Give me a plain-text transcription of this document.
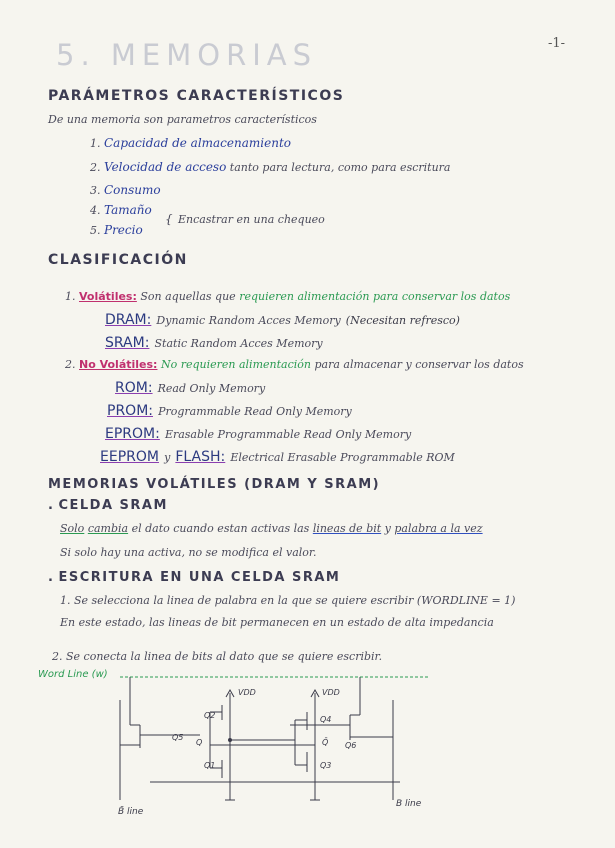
5. MEMORIAS	-1-
PARÁMETROS CARACTERÍSTICOS
De una memoria son parametros característicos
1. Capacidad de almacenamiento
2. Velocidad de acceso tanto para lectura, como para escritura
3. Consumo
4. Tamaño
5. Precio
{ Encastrar en una chequeo
CLASIFICACIÓN
1. Volátiles: Son aquellas que requieren alimentación para conservar los datos
DRAM: Dynamic Random Acces Memory (Necesitan refresco)
SRAM: Static Random Acces Memory
2. No Volátiles: No requieren alimentación para almacenar y conservar los datos
ROM: Read Only Memory
PROM: Programmable Read Only Memory
EPROM: Erasable Programmable Read Only Memory
EEPROM y FLASH: Electrical Erasable Programmable ROM
MEMORIAS VOLÁTILES (DRAM Y SRAM)
. CELDA SRAM
Solo cambia el dato cuando estan activas las lineas de bit y palabra a la vez
Si solo hay una activa, no se modifica el valor.
. ESCRITURA EN UNA CELDA SRAM
1. Se selecciona la linea de palabra en la que se quiere escribir (WORDLINE = 1)
En este estado, las lineas de bit permanecen en un estado de alta impedancia
2. Se conecta la linea de bits al dato que se quiere escribir.
VDD	VDD
Q2
Q1
Q4
Q3
Q5
Q6
Q	Q̄
Word Line (w)
B̄ line
B line
